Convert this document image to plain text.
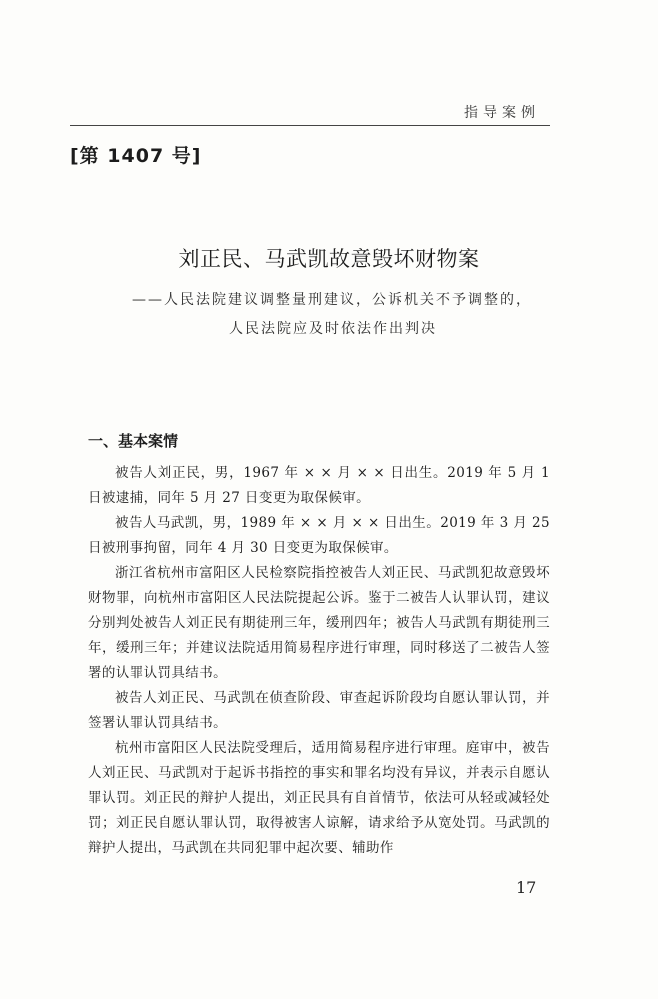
指导案例
[第 1407 号]
刘正民、马武凯故意毁坏财物案
——人民法院建议调整量刑建议，公诉机关不予调整的，
人民法院应及时依法作出判决
一、基本案情

被告人刘正民，男，1967 年 × × 月 × × 日出生。2019 年 5 月 1 日被逮捕，同年 5 月 27 日变更为取保候审。

被告人马武凯，男，1989 年 × × 月 × × 日出生。2019 年 3 月 25 日被刑事拘留，同年 4 月 30 日变更为取保候审。

浙江省杭州市富阳区人民检察院指控被告人刘正民、马武凯犯故意毁坏财物罪，向杭州市富阳区人民法院提起公诉。鉴于二被告人认罪认罚，建议分别判处被告人刘正民有期徒刑三年，缓刑四年；被告人马武凯有期徒刑三年，缓刑三年；并建议法院适用简易程序进行审理，同时移送了二被告人签署的认罪认罚具结书。

被告人刘正民、马武凯在侦查阶段、审查起诉阶段均自愿认罪认罚，并签署认罪认罚具结书。

杭州市富阳区人民法院受理后，适用简易程序进行审理。庭审中，被告人刘正民、马武凯对于起诉书指控的事实和罪名均没有异议，并表示自愿认罪认罚。刘正民的辩护人提出，刘正民具有自首情节，依法可从轻或减轻处罚；刘正民自愿认罪认罚，取得被害人谅解，请求给予从宽处罚。马武凯的辩护人提出，马武凯在共同犯罪中起次要、辅助作

17
